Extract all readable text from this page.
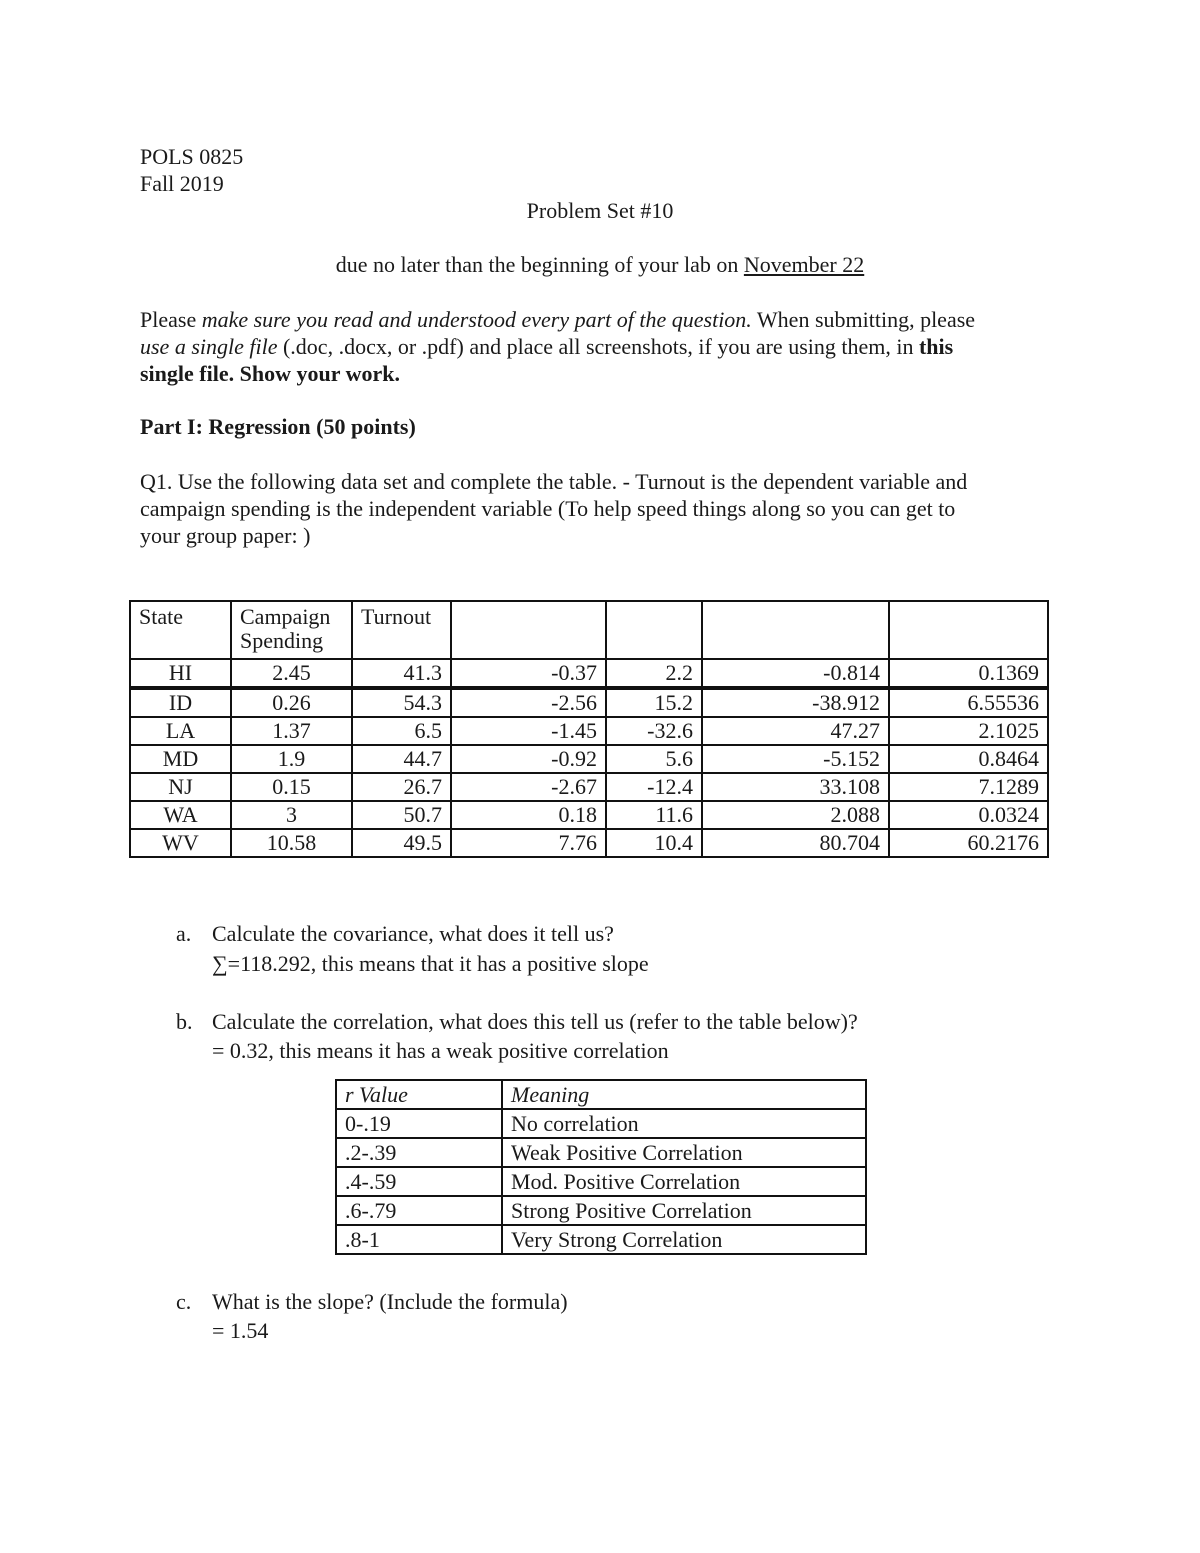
POLS 0825
Fall 2019
Problem Set #10
due no later than the beginning of your lab on November 22
Please make sure you read and understood every part of the question. When submitting, please
use a single file (.doc, .docx, or .pdf) and place all screenshots, if you are using them, in this
single file. Show your work.
Part I: Regression (50 points)
Q1. Use the following data set and complete the table. - Turnout is the dependent variable and
campaign spending is the independent variable (To help speed things along so you can get to
your group paper: )
State	Campaign Spending	Turnout				
HI	2.45	41.3	-0.37	2.2	-0.814	0.1369
ID	0.26	54.3	-2.56	15.2	-38.912	6.55536
LA	1.37	6.5	-1.45	-32.6	47.27	2.1025
MD	1.9	44.7	-0.92	5.6	-5.152	0.8464
NJ	0.15	26.7	-2.67	-12.4	33.108	7.1289
WA	3	50.7	0.18	11.6	2.088	0.0324
WV	10.58	49.5	7.76	10.4	80.704	60.2176
a. Calculate the covariance, what does it tell us?
∑=118.292, this means that it has a positive slope
b. Calculate the correlation, what does this tell us (refer to the table below)?
= 0.32, this means it has a weak positive correlation
r Value	Meaning
0-.19	No correlation
.2-.39	Weak Positive Correlation
.4-.59	Mod. Positive Correlation
.6-.79	Strong Positive Correlation
.8-1	Very Strong Correlation
c. What is the slope? (Include the formula)
= 1.54
